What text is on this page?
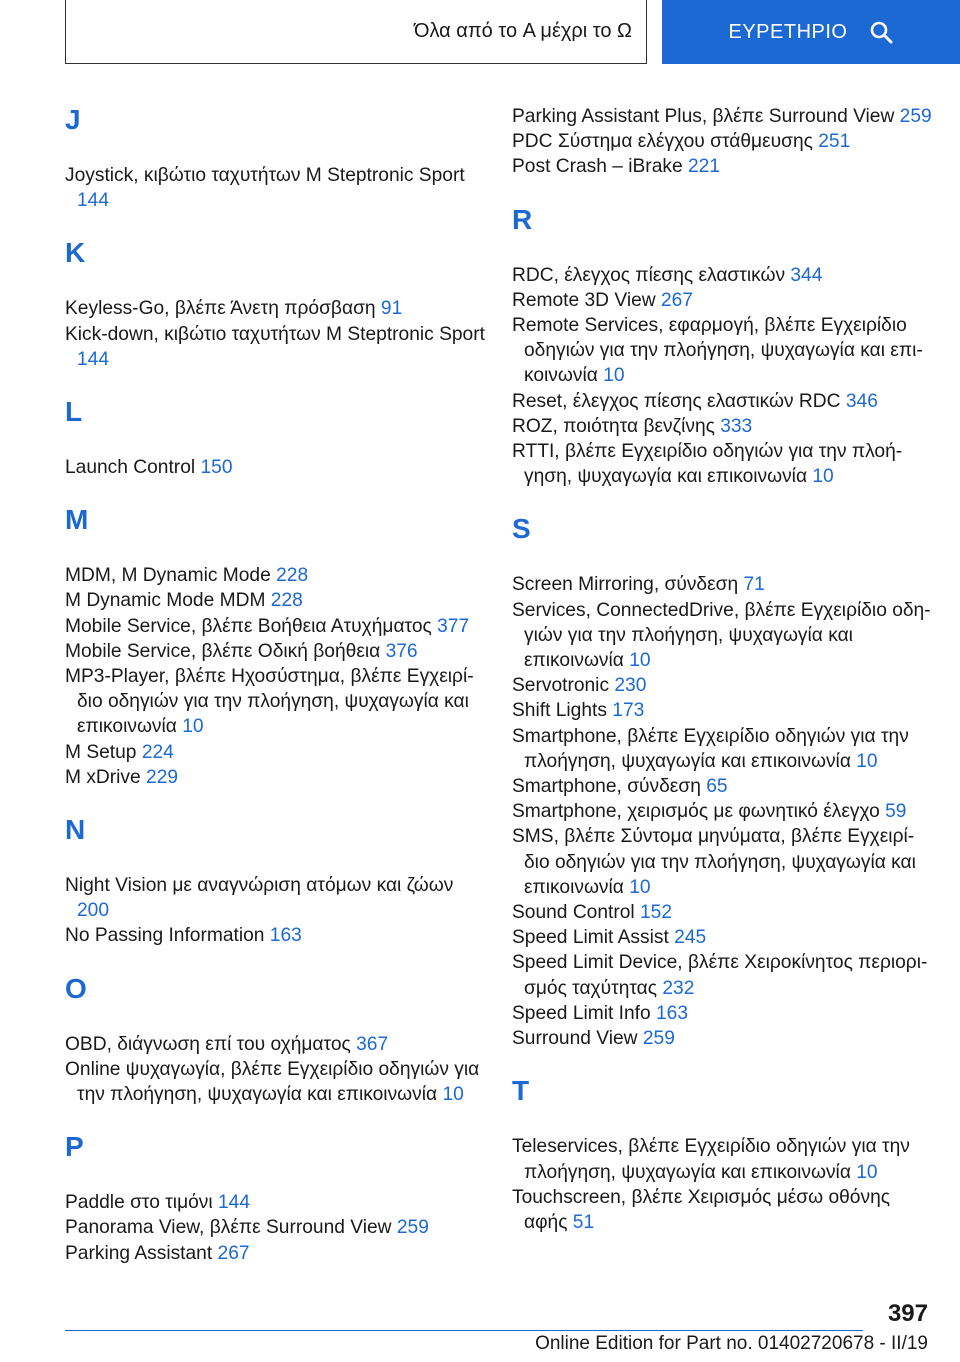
Όλα από το A μέχρι το Ω	ΕΥΡΕΤΗΡΙΟ
J
Joystick, κιβώτιο ταχυτήτων M Steptronic Sport 144
K
Keyless-Go, βλέπε Άνετη πρόσβαση 91
Kick-down, κιβώτιο ταχυτήτων M Steptronic Sport 144
L
Launch Control 150
M
MDM, M Dynamic Mode 228
M Dynamic Mode MDM 228
Mobile Service, βλέπε Βοήθεια Ατυχήματος 377
Mobile Service, βλέπε Οδική βοήθεια 376
MP3-Player, βλέπε Ηχοσύστημα, βλέπε Εγχειρίδιο οδηγιών για την πλοήγηση, ψυχαγωγία και επικοινωνία 10
M Setup 224
M xDrive 229
N
Night Vision με αναγνώριση ατόμων και ζώων 200
No Passing Information 163
O
OBD, διάγνωση επί του οχήματος 367
Online ψυχαγωγία, βλέπε Εγχειρίδιο οδηγιών για την πλοήγηση, ψυχαγωγία και επικοινωνία 10
P
Paddle στο τιμόνι 144
Panorama View, βλέπε Surround View 259
Parking Assistant 267
Parking Assistant Plus, βλέπε Surround View 259
PDC Σύστημα ελέγχου στάθμευσης 251
Post Crash – iBrake 221
R
RDC, έλεγχος πίεσης ελαστικών 344
Remote 3D View 267
Remote Services, εφαρμογή, βλέπε Εγχειρίδιο οδηγιών για την πλοήγηση, ψυχαγωγία και επικοινωνία 10
Reset, έλεγχος πίεσης ελαστικών RDC 346
ROZ, ποιότητα βενζίνης 333
RTTI, βλέπε Εγχειρίδιο οδηγιών για την πλοήγηση, ψυχαγωγία και επικοινωνία 10
S
Screen Mirroring, σύνδεση 71
Services, ConnectedDrive, βλέπε Εγχειρίδιο οδηγιών για την πλοήγηση, ψυχαγωγία και επικοινωνία 10
Servotronic 230
Shift Lights 173
Smartphone, βλέπε Εγχειρίδιο οδηγιών για την πλοήγηση, ψυχαγωγία και επικοινωνία 10
Smartphone, σύνδεση 65
Smartphone, χειρισμός με φωνητικό έλεγχο 59
SMS, βλέπε Σύντομα μηνύματα, βλέπε Εγχειρίδιο οδηγιών για την πλοήγηση, ψυχαγωγία και επικοινωνία 10
Sound Control 152
Speed Limit Assist 245
Speed Limit Device, βλέπε Χειροκίνητος περιορισμός ταχύτητας 232
Speed Limit Info 163
Surround View 259
T
Teleservices, βλέπε Εγχειρίδιο οδηγιών για την πλοήγηση, ψυχαγωγία και επικοινωνία 10
Touchscreen, βλέπε Χειρισμός μέσω οθόνης αφής 51
397
Online Edition for Part no. 01402720678 - II/19
